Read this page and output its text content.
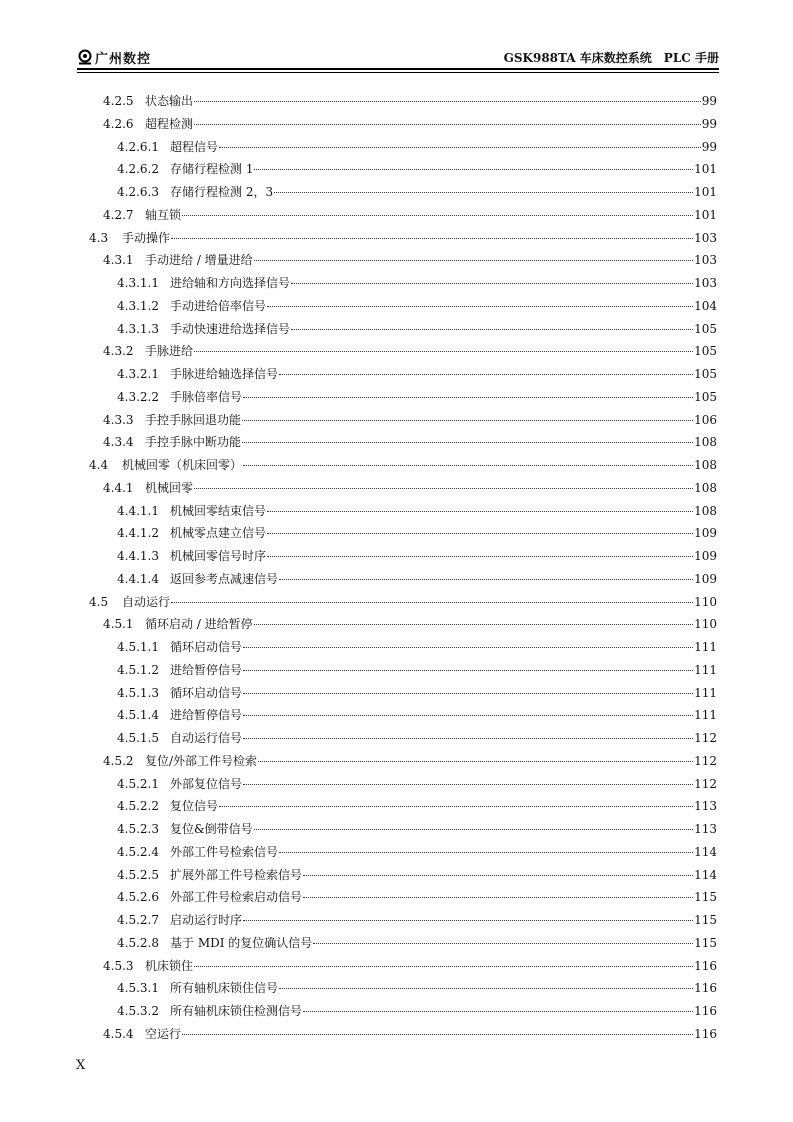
广州数控	GSK988TA 车床数控系统　PLC 手册
4.2.5 状态输出	99
4.2.6 超程检测	99
4.2.6.1 超程信号	99
4.2.6.2 存储行程检测 1	101
4.2.6.3 存储行程检测 2，3	101
4.2.7 轴互锁	101
4.3	手动操作	103
4.3.1 手动进给 / 增量进给	103
4.3.1.1 进给轴和方向选择信号	103
4.3.1.2 手动进给倍率信号	104
4.3.1.3 手动快速进给选择信号	105
4.3.2 手脉进给	105
4.3.2.1 手脉进给轴选择信号	105
4.3.2.2 手脉倍率信号	105
4.3.3 手控手脉回退功能	106
4.3.4 手控手脉中断功能	108
4.4	机械回零（机床回零）	108
4.4.1 机械回零	108
4.4.1.1 机械回零结束信号	108
4.4.1.2 机械零点建立信号	109
4.4.1.3 机械回零信号时序	109
4.4.1.4 返回参考点减速信号	109
4.5	自动运行	110
4.5.1 循环启动 / 进给暂停	110
4.5.1.1 循环启动信号	111
4.5.1.2 进给暂停信号	111
4.5.1.3 循环启动信号	111
4.5.1.4 进给暂停信号	111
4.5.1.5 自动运行信号	112
4.5.2 复位/外部工件号检索	112
4.5.2.1 外部复位信号	112
4.5.2.2 复位信号	113
4.5.2.3 复位&倒带信号	113
4.5.2.4 外部工件号检索信号	114
4.5.2.5 扩展外部工件号检索信号	114
4.5.2.6 外部工件号检索启动信号	115
4.5.2.7 启动运行时序	115
4.5.2.8 基于 MDI 的复位确认信号	115
4.5.3 机床锁住	116
4.5.3.1 所有轴机床锁住信号	116
4.5.3.2 所有轴机床锁住检测信号	116
4.5.4 空运行	116
X
